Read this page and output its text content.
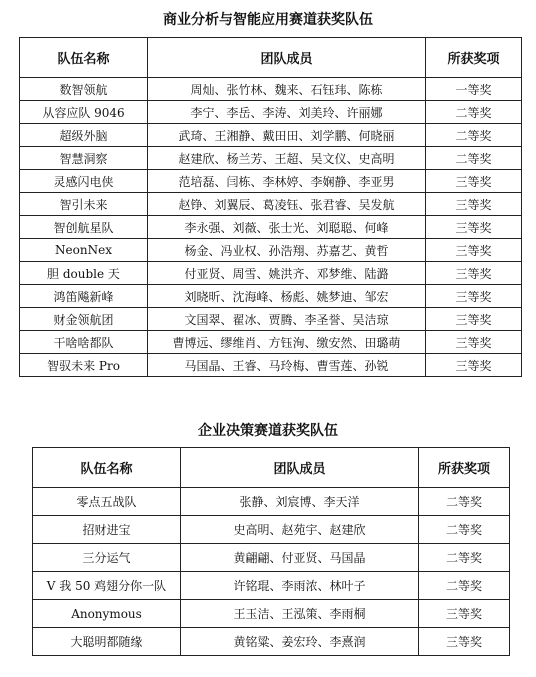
商业分析与智能应用赛道获奖队伍
队伍名称	团队成员	所获奖项
数智领航	周灿、张竹林、魏来、石钰玮、陈栋	一等奖
从容应队 9046	李宁、李岳、李涛、刘美玲、许丽娜	二等奖
超级外脑	武琦、王湘静、戴田田、刘学鹏、何晓丽	二等奖
智慧洞察	赵建欣、杨兰芳、王超、吴文仪、史高明	二等奖
灵感闪电侠	范培磊、闫栋、李林婷、李娴静、李亚男	三等奖
智引未来	赵铮、刘翼辰、葛凌钰、张君睿、吴发航	三等奖
智创航星队	李永强、刘薇、张士光、刘聪聪、何峰	三等奖
NeonNex	杨金、冯业权、孙浩翔、苏嘉艺、黄哲	三等奖
胆 double 天	付亚贤、周雪、姚洪齐、邓梦维、陆潞	三等奖
鸿笛飚新峰	刘晓昕、沈海峰、杨彪、姚梦迪、邹宏	三等奖
财金领航团	文国翠、翟冰、贾腾、李圣誉、吴洁琼	三等奖
干啥啥都队	曹博远、缪维肖、方钰洵、缴安然、田璐萌	三等奖
智驭未来 Pro	马国晶、王睿、马玲梅、曹雪莲、孙锐	三等奖
企业决策赛道获奖队伍
队伍名称	团队成员	所获奖项
零点五战队	张静、刘宸博、李天洋	二等奖
招财进宝	史高明、赵苑宇、赵建欣	二等奖
三分运气	黄翩翩、付亚贤、马国晶	二等奖
V 我 50 鸡翅分你一队	许铭琨、李雨浓、林叶子	二等奖
Anonymous	王玉洁、王泓策、李雨桐	三等奖
大聪明都随缘	黄铭粱、姜宏玲、李熹润	三等奖
